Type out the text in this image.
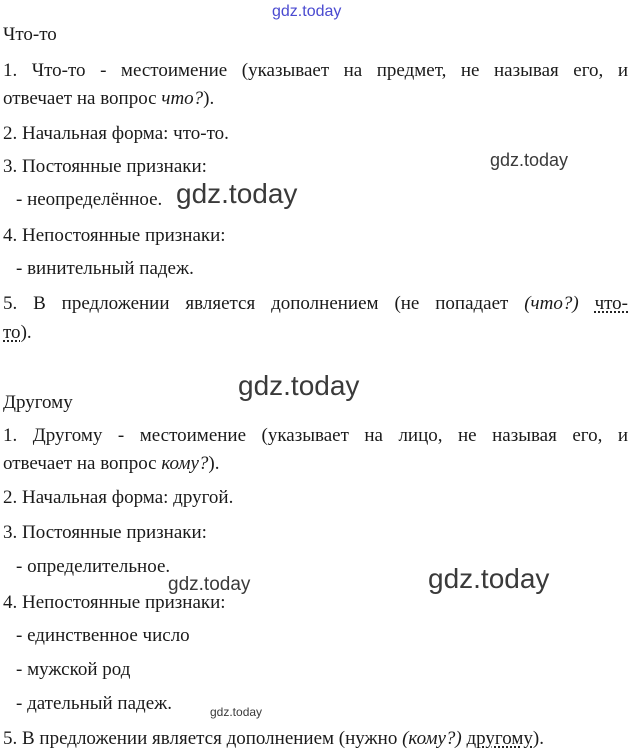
gdz.today
gdz.today
gdz.today
gdz.today
gdz.today
gdz.today
gdz.today
Что-то
1. Что-то - местоимение (указывает на предмет, не называя его, и
отвечает на вопрос что?).
2. Начальная форма: что-то.
3. Постоянные признаки:
- неопределённое.
4. Непостоянные признаки:
- винительный падеж.
5. В предложении является дополнением (не попадает (что?) что-
то).
Другому
1. Другому - местоимение (указывает на лицо, не называя его, и
отвечает на вопрос кому?).
2. Начальная форма: другой.
3. Постоянные признаки:
- определительное.
4. Непостоянные признаки:
- единственное число
- мужской род
- дательный падеж.
5. В предложении является дополнением (нужно (кому?) другому).
